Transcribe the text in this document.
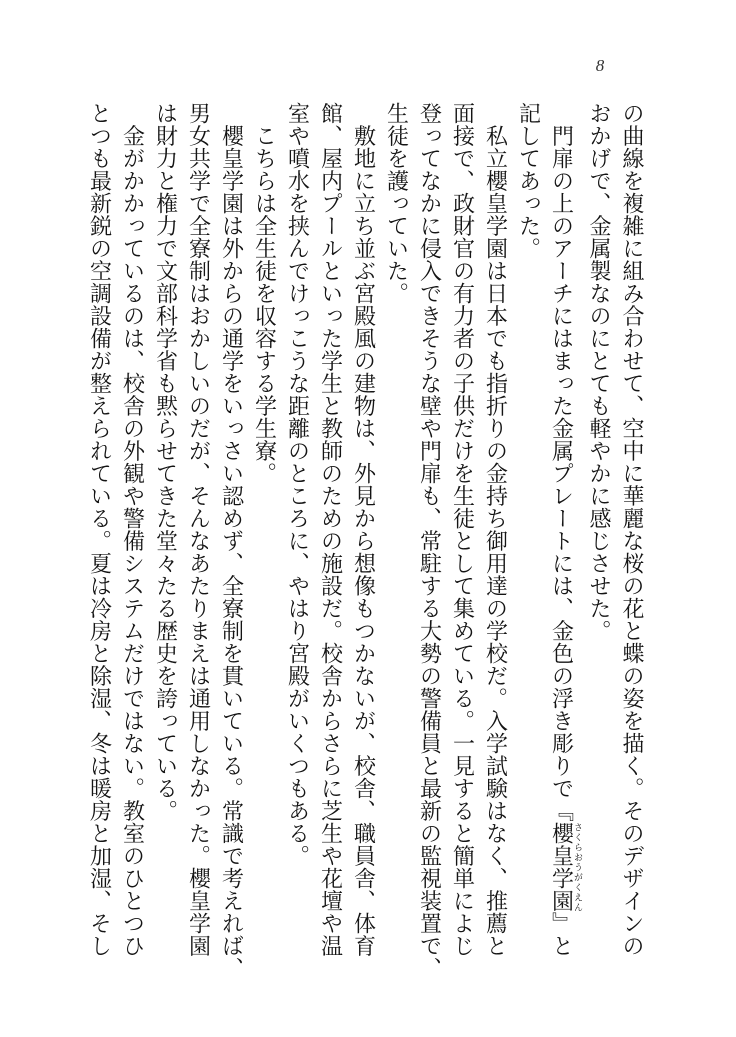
8
の曲線を複雑に組み合わせて、空中に華麗な桜の花と蝶の姿を描く。そのデザインの
おかげで、金属製なのにとても軽やかに感じさせた。
　門扉の上のアーチにはまった金属プレートには、金色の浮き彫りで『櫻皇学園さくらおうがくえん』と
記してあった。
　私立櫻皇学園は日本でも指折りの金持ち御用達の学校だ。入学試験はなく、推薦と
面接で、政財官の有力者の子供だけを生徒として集めている。一見すると簡単によじ
登ってなかに侵入できそうな壁や門扉も、常駐する大勢の警備員と最新の監視装置で、
生徒を護っていた。
　敷地に立ち並ぶ宮殿風の建物は、外見から想像もつかないが、校舎、職員舎、体育
館、屋内プールといった学生と教師のための施設だ。校舎からさらに芝生や花壇や温
室や噴水を挟んでけっこうな距離のところに、やはり宮殿がいくつもある。
　こちらは全生徒を収容する学生寮。
　櫻皇学園は外からの通学をいっさい認めず、全寮制を貫いている。常識で考えれば、
男女共学で全寮制はおかしいのだが、そんなあたりまえは通用しなかった。櫻皇学園
は財力と権力で文部科学省も黙らせてきた堂々たる歴史を誇っている。
　金がかかっているのは、校舎の外観や警備システムだけではない。教室のひとつひ
とつも最新鋭の空調設備が整えられている。夏は冷房と除湿、冬は暖房と加湿、そし
